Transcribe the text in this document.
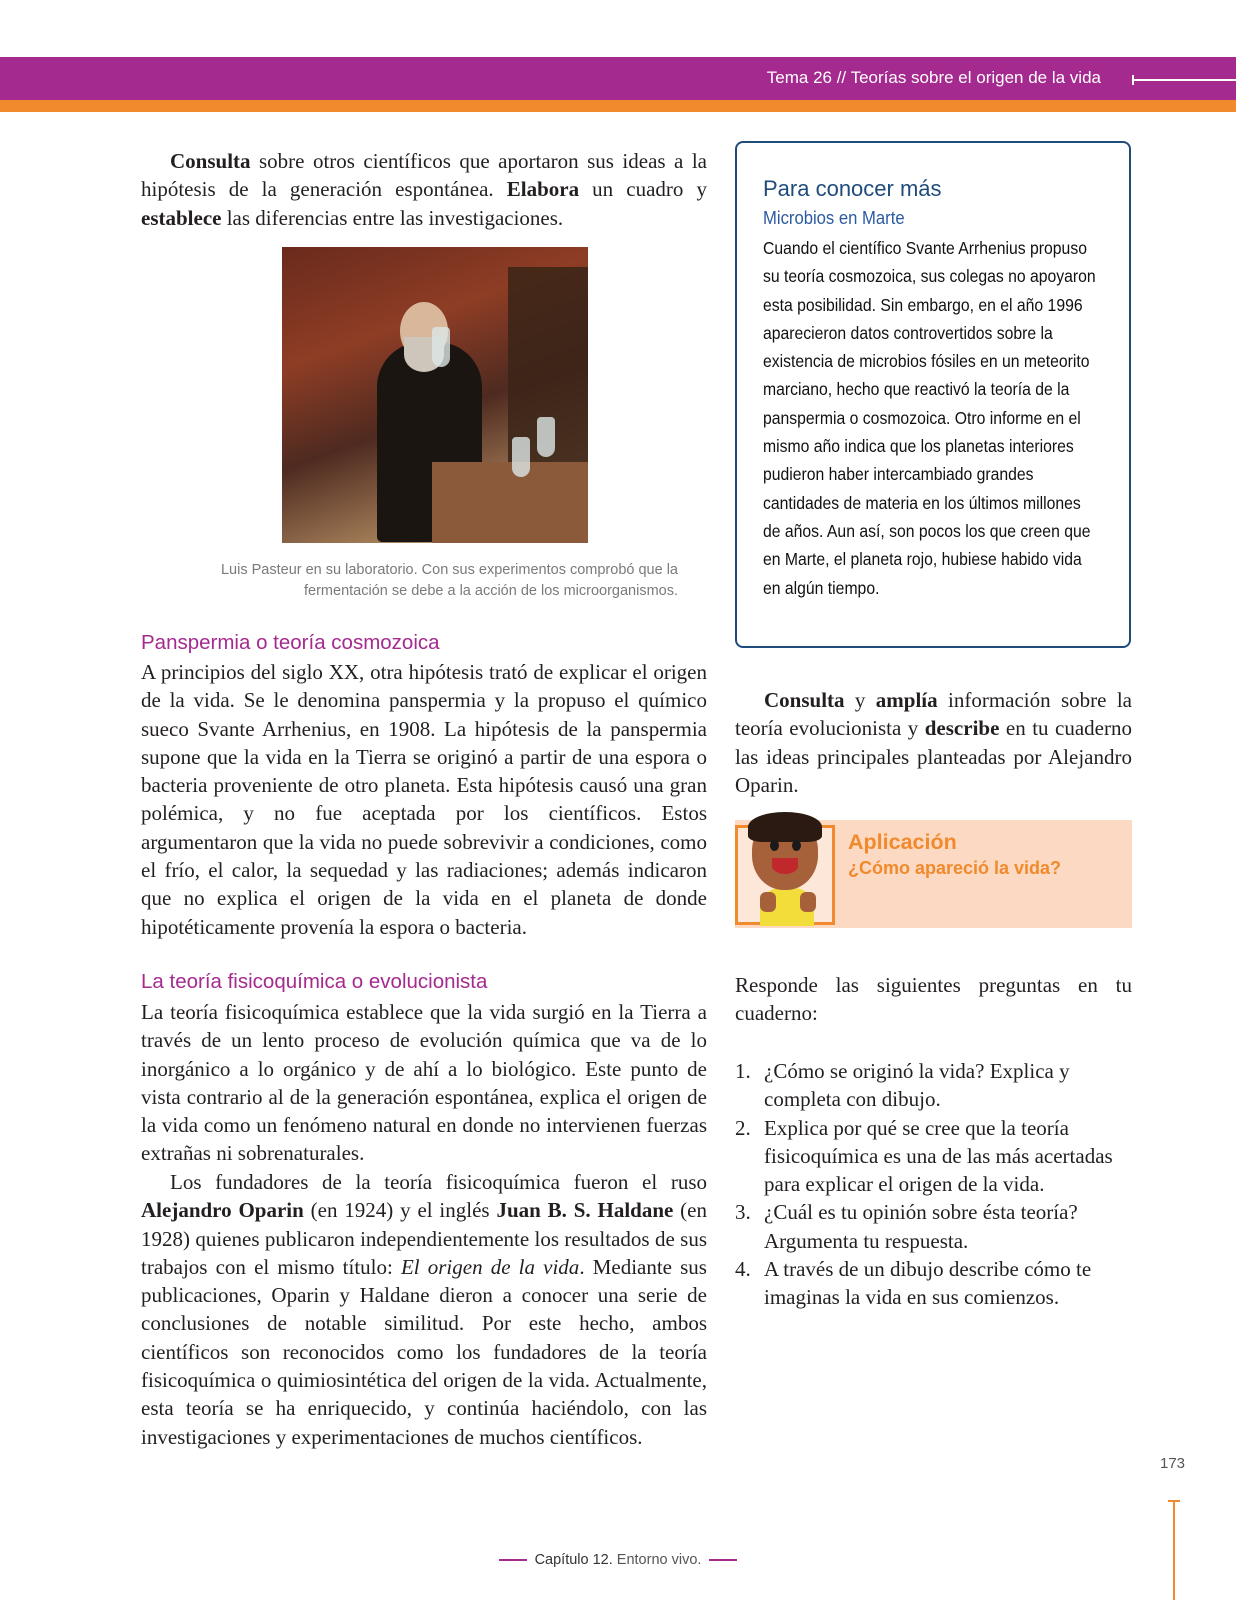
Tema 26 // Teorías sobre el origen de la vida

Consulta sobre otros científicos que aportaron sus ideas a la hipótesis de la generación espontánea. Elabora un cuadro y establece las diferencias entre las investigaciones.

Luis Pasteur en su laboratorio. Con sus experimentos comprobó que la fermentación se debe a la acción de los microorganismos.
Panspermia o teoría cosmozoica

A principios del siglo XX, otra hipótesis trató de explicar el origen de la vida. Se le denomina panspermia y la propuso el químico sueco Svante Arrhenius, en 1908. La hipótesis de la panspermia supone que la vida en la Tierra se originó a partir de una espora o bacteria proveniente de otro planeta. Esta hipótesis causó una gran polémica, y no fue aceptada por los científicos. Estos argumentaron que la vida no puede sobrevivir a condiciones, como el frío, el calor, la sequedad y las radiaciones; además indicaron que no explica el origen de la vida en el planeta de donde hipotéticamente provenía la espora o bacteria.

La teoría fisicoquímica o evolucionista

La teoría fisicoquímica establece que la vida surgió en la Tierra a través de un lento proceso de evolución química que va de lo inorgánico a lo orgánico y de ahí a lo biológico. Este punto de vista contrario al de la generación espontánea, explica el origen de la vida como un fenómeno natural en donde no intervienen fuerzas extrañas ni sobrenaturales.

Los fundadores de la teoría fisicoquímica fueron el ruso Alejandro Oparin (en 1924) y el inglés Juan B. S. Haldane (en 1928) quienes publicaron independientemente los resultados de sus trabajos con el mismo título: El origen de la vida. Mediante sus publicaciones, Oparin y Haldane dieron a conocer una serie de conclusiones de notable similitud. Por este hecho, ambos científicos son reconocidos como los fundadores de la teoría fisicoquímica o quimiosintética del origen de la vida. Actualmente, esta teoría se ha enriquecido, y continúa haciéndolo, con las investigaciones y experimentaciones de muchos científicos.

Para conocer más
Microbios en Marte

Cuando el científico Svante Arrhenius propuso su teoría cosmozoica, sus colegas no apoyaron esta posibilidad. Sin embargo, en el año 1996 aparecieron datos controvertidos sobre la existencia de microbios fósiles en un meteorito marciano, hecho que reactivó la teoría de la panspermia o cosmozoica. Otro informe en el mismo año indica que los planetas interiores pudieron haber intercambiado grandes cantidades de materia en los últimos millones de años. Aun así, son pocos los que creen que en Marte, el planeta rojo, hubiese habido vida en algún tiempo.

Consulta y amplía información sobre la teoría evolucionista y describe en tu cuaderno las ideas principales planteadas por Alejandro Oparin.

Aplicación
¿Cómo apareció la vida?

Responde las siguientes preguntas en tu cuaderno:

1. ¿Cómo se originó la vida? Explica y completa con dibujo.
2. Explica por qué se cree que la teoría fisicoquímica es una de las más acertadas para explicar el origen de la vida.
3. ¿Cuál es tu opinión sobre ésta teoría? Argumenta tu respuesta.
4. A través de un dibujo describe cómo te imaginas la vida en sus comienzos.
173
Capítulo 12. Entorno vivo.
